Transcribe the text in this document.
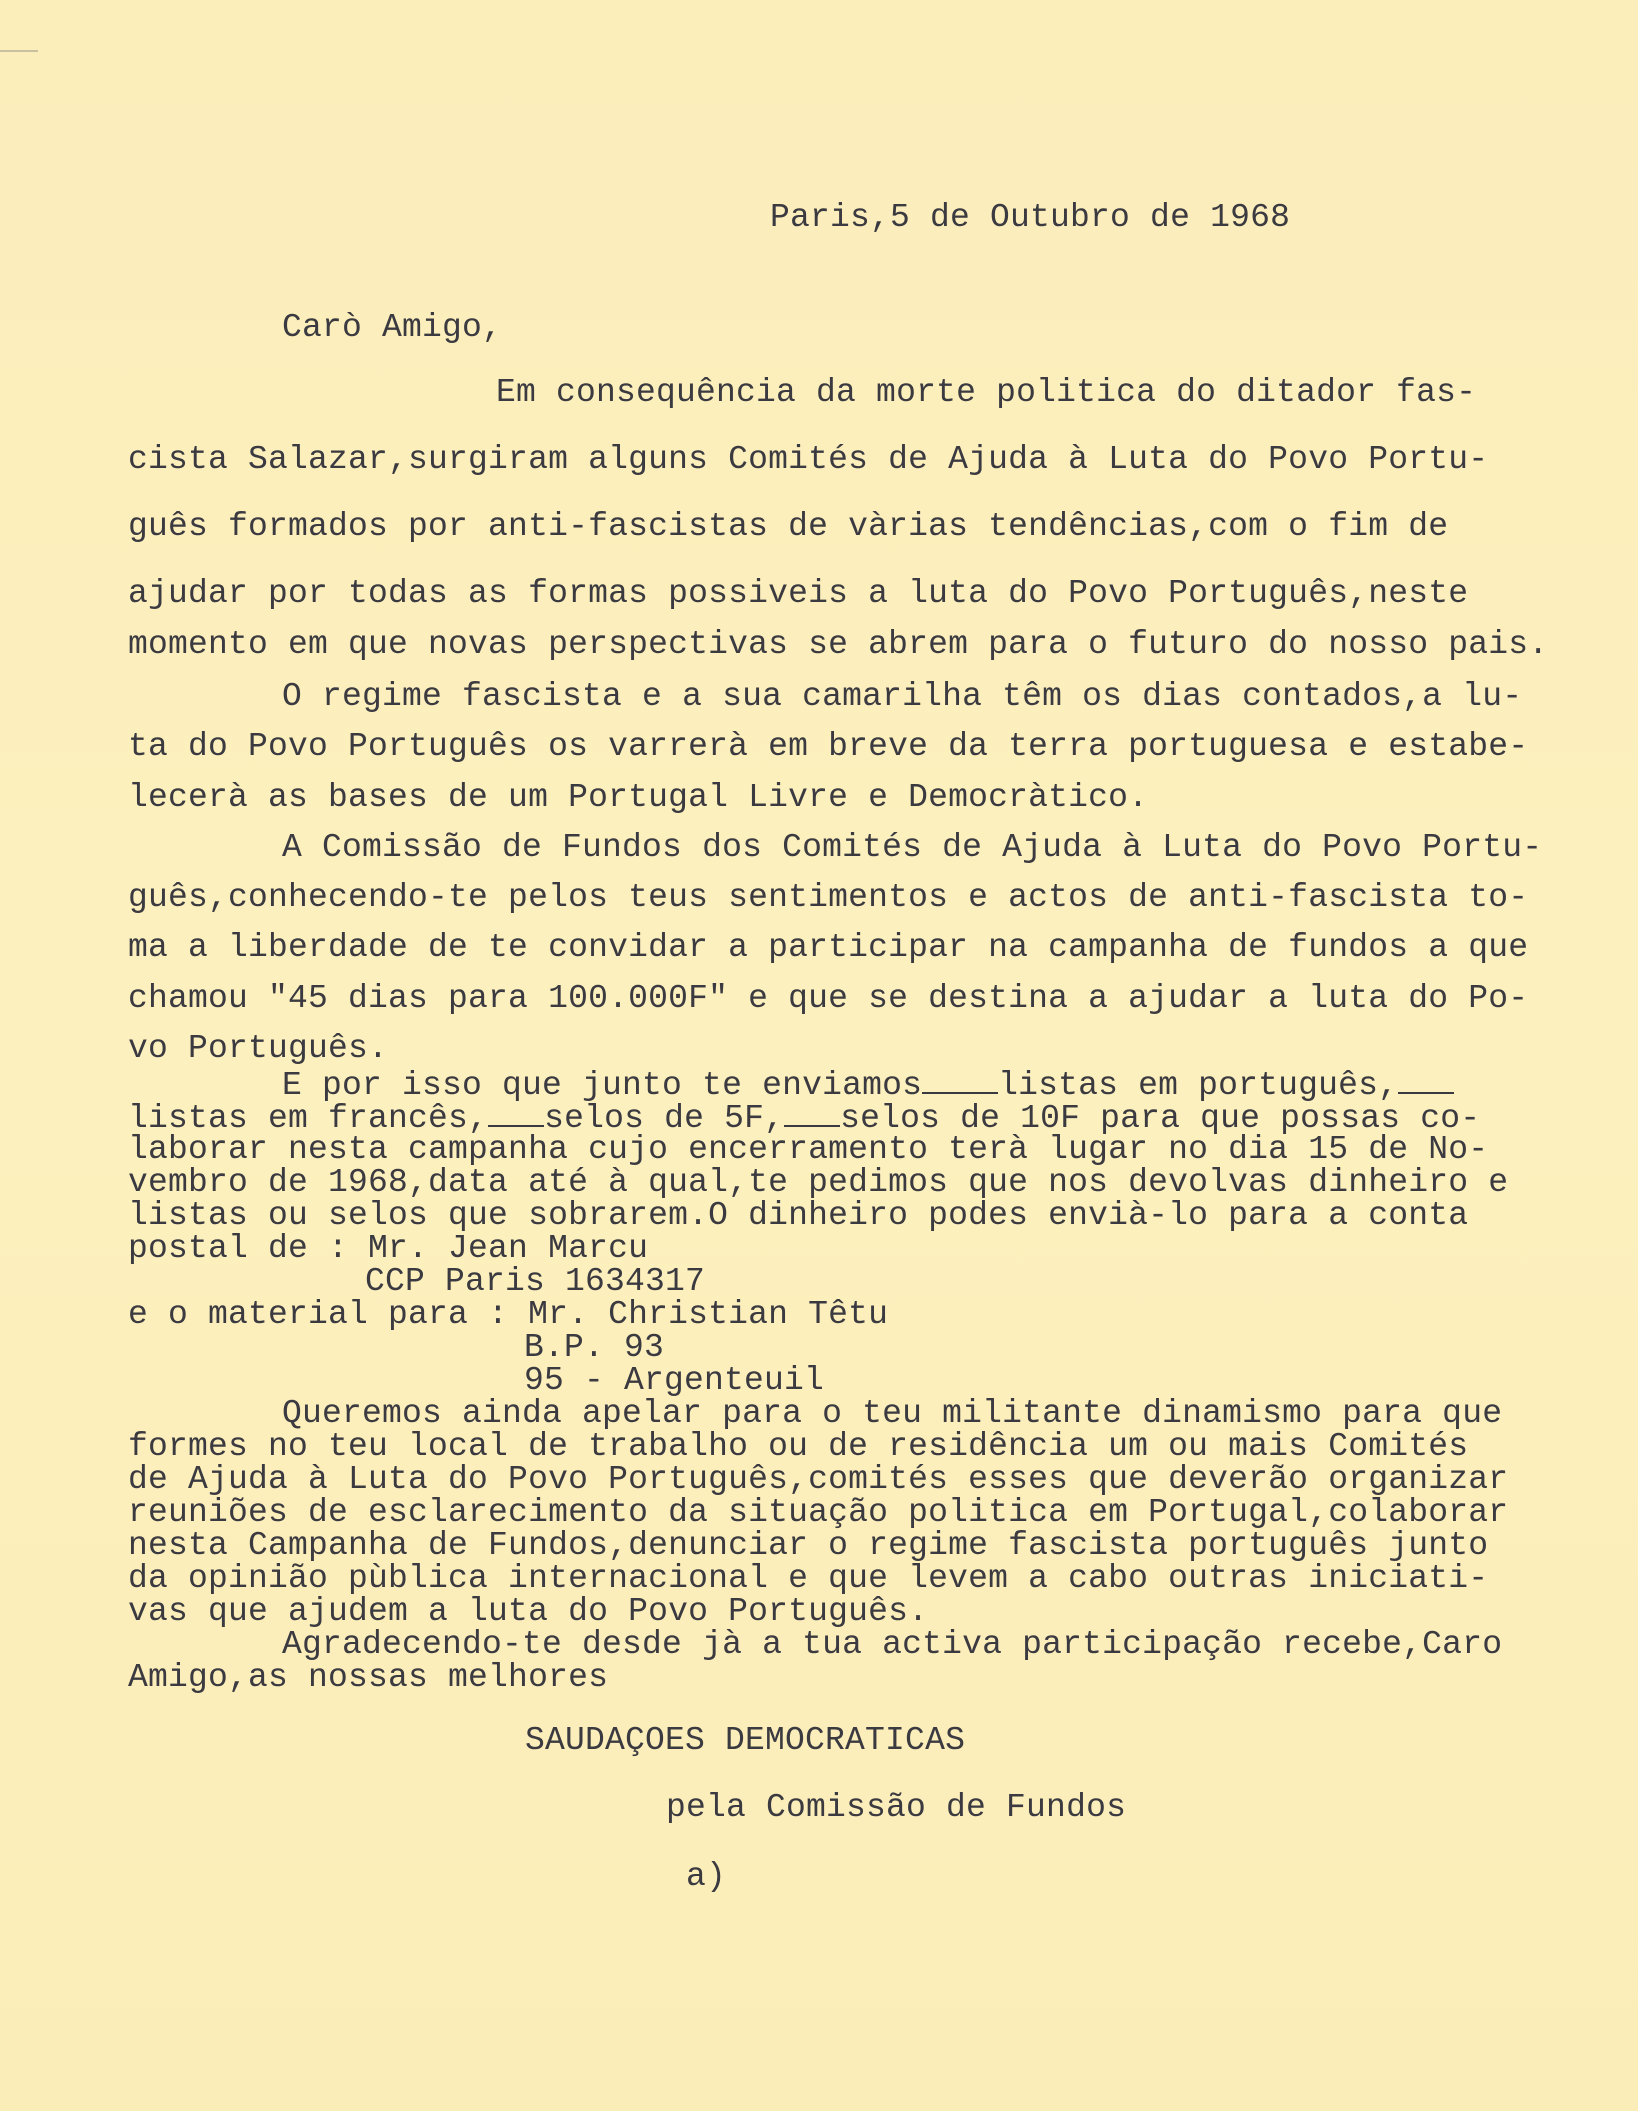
Paris,5 de Outubro de 1968

Carò Amigo,

Em consequência da morte politica do ditador fas-

cista Salazar,surgiram alguns Comités de Ajuda à Luta do Povo Portu-

guês formados por anti-fascistas de vàrias tendências,com o fim de

ajudar por todas as formas possiveis a luta do Povo Português,neste

momento em que novas perspectivas se abrem para o futuro do nosso pais.

O regime fascista e a sua camarilha têm os dias contados,a lu-

ta do Povo Português os varrerà em breve da terra portuguesa e estabe-

lecerà as bases de um Portugal Livre e Democràtico.

A Comissão de Fundos dos Comités de Ajuda à Luta do Povo Portu-

guês,conhecendo-te pelos teus sentimentos e actos de anti-fascista to-

ma a liberdade de te convidar a participar na campanha de fundos a que

chamou "45 dias para 100.000F" e que se destina a ajudar a luta do Po-

vo Português.

E por isso que junto te enviamos listas em português,

listas em francês, selos de 5F, selos de 10F para que possas co-

laborar nesta campanha cujo encerramento terà lugar no dia 15 de No-

vembro de 1968,data até à qual,te pedimos que nos devolvas dinheiro e

listas ou selos que sobrarem.O dinheiro podes envià-lo para a conta

postal de : Mr. Jean Marcu

CCP Paris 1634317

e o material para : Mr. Christian Têtu

B.P. 93

95 - Argenteuil

Queremos ainda apelar para o teu militante dinamismo para que

formes no teu local de trabalho ou de residência um ou mais Comités

de Ajuda à Luta do Povo Português,comités esses que deverão organizar

reuniões de esclarecimento da situação politica em Portugal,colaborar

nesta Campanha de Fundos,denunciar o regime fascista português junto

da opinião pùblica internacional e que levem a cabo outras iniciati-

vas que ajudem a luta do Povo Português.

Agradecendo-te desde jà a tua activa participação recebe,Caro

Amigo,as nossas melhores

SAUDAÇOES DEMOCRATICAS

pela Comissão de Fundos

a)
